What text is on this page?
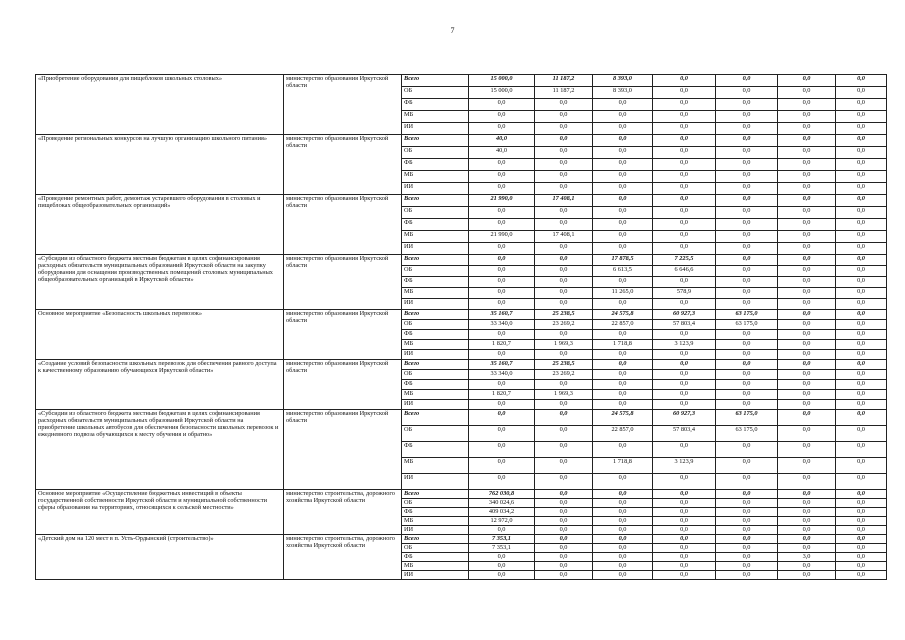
7
«Приобретение оборудования для пищеблоков школьных столовых»	министерство образования Иркутской области	Всего	15 000,0	11 187,2	8 393,0	0,0	0,0	0,0	0,0
		ОБ	15 000,0	11 187,2	8 393,0	0,0	0,0	0,0	0,0
		ФБ	0,0	0,0	0,0	0,0	0,0	0,0	0,0
		МБ	0,0	0,0	0,0	0,0	0,0	0,0	0,0
		ИИ	0,0	0,0	0,0	0,0	0,0	0,0	0,0
«Проведение региональных конкурсов на лучшую организацию школьного питания»	министерство образования Иркутской области	Всего	40,0	0,0	0,0	0,0	0,0	0,0	0,0
		ОБ	40,0	0,0	0,0	0,0	0,0	0,0	0,0
		ФБ	0,0	0,0	0,0	0,0	0,0	0,0	0,0
		МБ	0,0	0,0	0,0	0,0	0,0	0,0	0,0
		ИИ	0,0	0,0	0,0	0,0	0,0	0,0	0,0
«Проведение ремонтных работ, демонтаж устаревшего оборудования в столовых и пищеблоках общеобразовательных организаций»	министерство образования Иркутской области	Всего	21 990,0	17 408,1	0,0	0,0	0,0	0,0	0,0
		ОБ	0,0	0,0	0,0	0,0	0,0	0,0	0,0
		ФБ	0,0	0,0	0,0	0,0	0,0	0,0	0,0
		МБ	21 990,0	17 408,1	0,0	0,0	0,0	0,0	0,0
		ИИ	0,0	0,0	0,0	0,0	0,0	0,0	0,0
«Субсидии из областного бюджета местным бюджетам в целях софинансирования расходных обязательств муниципальных образований Иркутской области на закупку оборудования для оснащения производственных помещений столовых муниципальных общеобразовательных организаций в Иркутской области»	министерство образования Иркутской области	Всего	0,0	0,0	17 878,5	7 225,5	0,0	0,0	0,0
		ОБ	0,0	0,0	6 613,5	6 646,6	0,0	0,0	0,0
		ФБ	0,0	0,0	0,0	0,0	0,0	0,0	0,0
		МБ	0,0	0,0	11 265,0	578,9	0,0	0,0	0,0
		ИИ	0,0	0,0	0,0	0,0	0,0	0,0	0,0
Основное мероприятие «Безопасность школьных перевозок»	министерство образования Иркутской области	Всего	35 160,7	25 238,5	24 575,8	60 927,3	63 175,0	0,0	0,0
		ОБ	33 340,0	23 269,2	22 857,0	57 803,4	63 175,0	0,0	0,0
		ФБ	0,0	0,0	0,0	0,0	0,0	0,0	0,0
		МБ	1 820,7	1 969,3	1 718,8	3 123,9	0,0	0,0	0,0
		ИИ	0,0	0,0	0,0	0,0	0,0	0,0	0,0
«Создание условий безопасности школьных перевозок для обеспечения равного доступа к качественному образованию обучающихся Иркутской области»	министерство образования Иркутской области	Всего	35 160,7	25 238,5	0,0	0,0	0,0	0,0	0,0
		ОБ	33 340,0	23 269,2	0,0	0,0	0,0	0,0	0,0
		ФБ	0,0	0,0	0,0	0,0	0,0	0,0	0,0
		МБ	1 820,7	1 969,3	0,0	0,0	0,0	0,0	0,0
		ИИ	0,0	0,0	0,0	0,0	0,0	0,0	0,0
«Субсидии из областного бюджета местным бюджетам в целях софинансирования расходных обязательств муниципальных образований Иркутской области на приобретение школьных автобусов для обеспечения безопасности школьных перевозок и ежедневного подвоза обучающихся к месту обучения и обратно»	министерство образования Иркутской области	Всего	0,0	0,0	24 575,8	60 927,3	63 175,0	0,0	0,0
		ОБ	0,0	0,0	22 857,0	57 803,4	63 175,0	0,0	0,0
		ФБ	0,0	0,0	0,0	0,0	0,0	0,0	0,0
		МБ	0,0	0,0	1 718,8	3 123,9	0,0	0,0	0,0
		ИИ	0,0	0,0	0,0	0,0	0,0	0,0	0,0
Основное мероприятие «Осуществление бюджетных инвестиций в объекты государственной собственности Иркутской области и муниципальной собственности сферы образования на территориях, относящихся к сельской местности»	министерство строительства, дорожного хозяйства Иркутской области	Всего	762 030,8	0,0	0,0	0,0	0,0	0,0	0,0
		ОБ	340 024,6	0,0	0,0	0,0	0,0	0,0	0,0
		ФБ	409 034,2	0,0	0,0	0,0	0,0	0,0	0,0
		МБ	12 972,0	0,0	0,0	0,0	0,0	0,0	0,0
		ИИ	0,0	0,0	0,0	0,0	0,0	0,0	0,0
«Детский дом на 120 мест в п. Усть-Ордынский (строительство)»	министерство строительства, дорожного хозяйства Иркутской области	Всего	7 353,1	0,0	0,0	0,0	0,0	0,0	0,0
		ОБ	7 353,1	0,0	0,0	0,0	0,0	0,0	0,0
		ФБ	0,0	0,0	0,0	0,0	0,0	3,0	0,0
		МБ	0,0	0,0	0,0	0,0	0,0	0,0	0,0
		ИИ	0,0	0,0	0,0	0,0	0,0	0,0	0,0
